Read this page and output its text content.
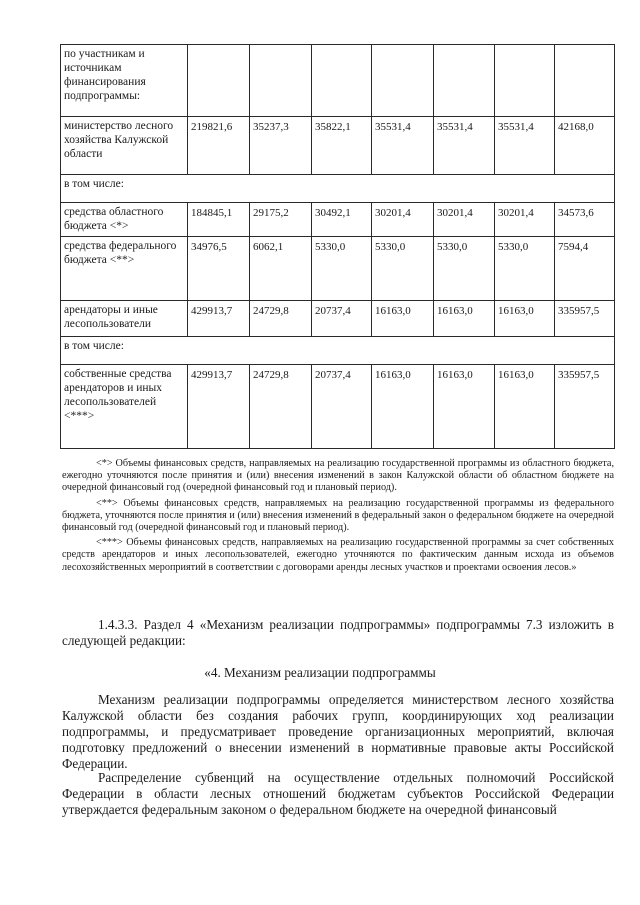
по участникам и источникам финансирования подпрограммы:							
министерство лесного хозяйства Калужской области	219821,6	35237,3	35822,1	35531,4	35531,4	35531,4	42168,0
в том числе:							
средства областного бюджета <*>	184845,1	29175,2	30492,1	30201,4	30201,4	30201,4	34573,6
средства федерального бюджета <**>	34976,5	6062,1	5330,0	5330,0	5330,0	5330,0	7594,4
арендаторы и иные лесопользователи	429913,7	24729,8	20737,4	16163,0	16163,0	16163,0	335957,5
в том числе:							
собственные средства арендаторов и иных лесопользователей <***>	429913,7	24729,8	20737,4	16163,0	16163,0	16163,0	335957,5

<*> Объемы финансовых средств, направляемых на реализацию государственной программы из областного бюджета, ежегодно уточняются после принятия и (или) внесения изменений в закон Калужской области об областном бюджете на очередной финансовый год (очередной финансовый год и плановый период).

<**> Объемы финансовых средств, направляемых на реализацию государственной программы из федерального бюджета, уточняются после принятия и (или) внесения изменений в федеральный закон о федеральном бюджете на очередной финансовый год (очередной финансовый год и плановый период).

<***> Объемы финансовых средств, направляемых на реализацию государственной программы за счет собственных средств арендаторов и иных лесопользователей, ежегодно уточняются по фактическим данным исхода из объемов лесохозяйственных мероприятий в соответствии с договорами аренды лесных участков и проектами освоения лесов.»

1.4.3.3. Раздел 4 «Механизм реализации подпрограммы» подпрограммы 7.3 изложить в следующей редакции:

«4. Механизм реализации подпрограммы

Механизм реализации подпрограммы определяется министерством лесного хозяйства Калужской области без создания рабочих групп, координирующих ход реализации подпрограммы, и предусматривает проведение организационных мероприятий, включая подготовку предложений о внесении изменений в нормативные правовые акты Российской Федерации.

Распределение субвенций на осуществление отдельных полномочий Российской Федерации в области лесных отношений бюджетам субъектов Российской Федерации утверждается федеральным законом о федеральном бюджете на очередной финансовый
